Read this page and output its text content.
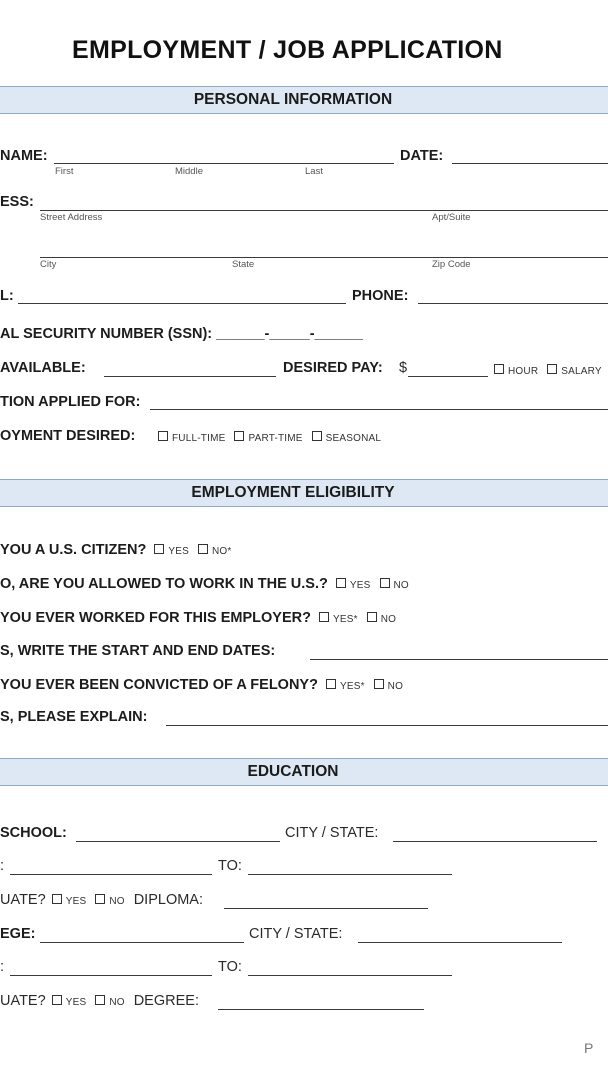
EMPLOYMENT / JOB APPLICATION
PERSONAL INFORMATION
NAME:
First	Middle	Last
DATE:
ESS:
Street Address	Apt/Suite
City	State	Zip Code
L:	PHONE:
AL SECURITY NUMBER (SSN): ______-_____-______
AVAILABLE:	DESIRED PAY: $	HOUR SALARY
TION APPLIED FOR:
OYMENT DESIRED:	FULL-TIME PART-TIME SEASONAL
EMPLOYMENT ELIGIBILITY
YOU A U.S. CITIZEN? YES NO*
O, ARE YOU ALLOWED TO WORK IN THE U.S.? YES NO
YOU EVER WORKED FOR THIS EMPLOYER? YES* NO
S, WRITE THE START AND END DATES:
YOU EVER BEEN CONVICTED OF A FELONY? YES* NO
S, PLEASE EXPLAIN:
EDUCATION
SCHOOL:	CITY / STATE:
:	TO:
UATE? YES NO DIPLOMA:
EGE:	CITY / STATE:
:	TO:
UATE? YES NO DEGREE:
P
